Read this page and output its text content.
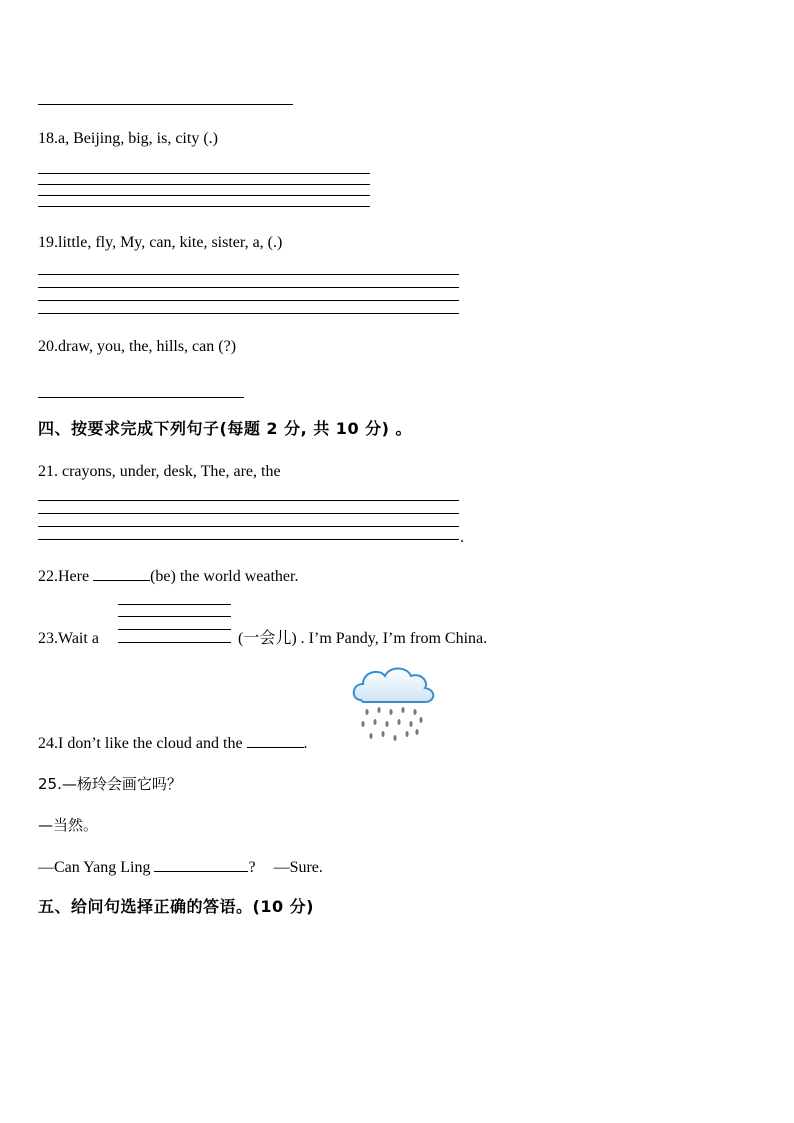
18.a, Beijing, big, is, city (.)
19.little, fly, My, can, kite, sister, a, (.)
20.draw, you, the, hills, can (?)
四、按要求完成下列句子(每题 2 分, 共 10 分) 。
21. crayons, under, desk, The, are, the
.
22.Here	(be) the world weather.
23.Wait a	(一会儿) . I’m Pandy, I’m from China.
24.I don’t like the cloud and the	.
25.—杨玲会画它吗？
—当然。
—Can Yang Ling	? —Sure.
五、给问句选择正确的答语。(10 分)
